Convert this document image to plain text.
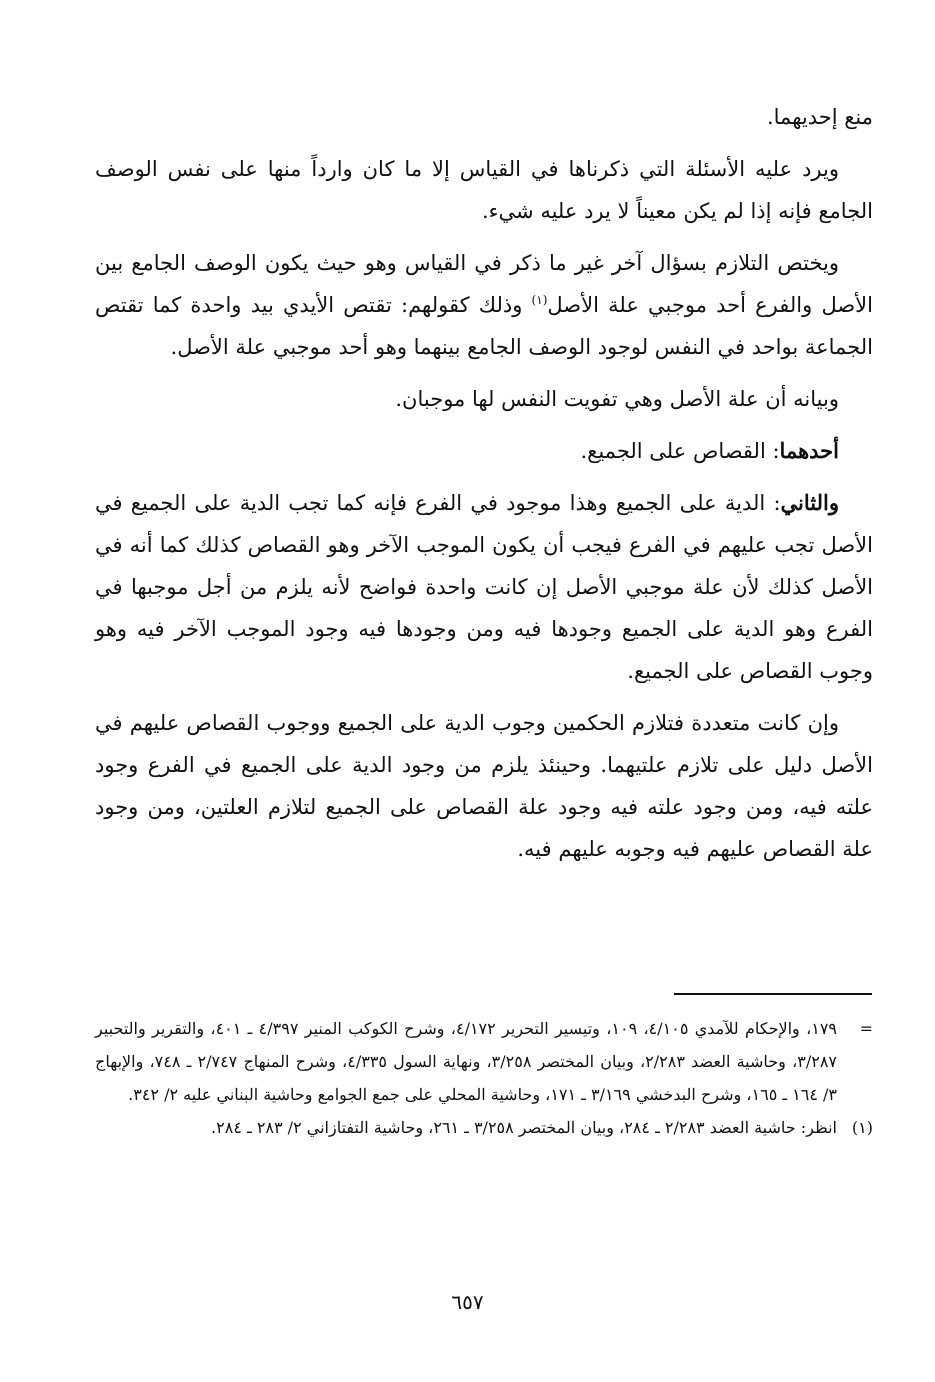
منع إحديهما.

ويرد عليه الأسئلة التي ذكرناها في القياس إلا ما كان وارداً منها على نفس الوصف الجامع فإنه إذا لم يكن معيناً لا يرد عليه شيء.

ويختص التلازم بسؤال آخر غير ما ذكر في القياس وهو حيث يكون الوصف الجامع بين الأصل والفرع أحد موجبي علة الأصل$^{(١)}$ وذلك كقولهم: تقتص الأيدي بيد واحدة كما تقتص الجماعة بواحد في النفس لوجود الوصف الجامع بينهما وهو أحد موجبي علة الأصل.

وبيانه أن علة الأصل وهي تفويت النفس لها موجبان.

أحدهما: القصاص على الجميع.

والثاني: الدية على الجميع وهذا موجود في الفرع فإنه كما تجب الدية على الجميع في الأصل تجب عليهم في الفرع فيجب أن يكون الموجب الآخر وهو القصاص كذلك كما أنه في الأصل كذلك لأن علة موجبي الأصل إن كانت واحدة فواضح لأنه يلزم من أجل موجبها في الفرع وهو الدية على الجميع وجودها فيه ومن وجودها فيه وجود الموجب الآخر فيه وهو وجوب القصاص على الجميع.

وإن كانت متعددة فتلازم الحكمين وجوب الدية على الجميع ووجوب القصاص عليهم في الأصل دليل على تلازم علتيهما. وحينئذ يلزم من وجود الدية على الجميع في الفرع وجود علته فيه، ومن وجود علته فيه وجود علة القصاص على الجميع لتلازم العلتين، ومن وجود علة القصاص عليهم فيه وجوبه عليهم فيه.

=
١٧٩، والإحكام للآمدي ٤/١٠٥، ١٠٩، وتيسير التحرير ٤/١٧٢، وشرح الكوكب المنير ٤/٣٩٧ ـ ٤٠١، والتقرير والتحبير ٣/٢٨٧، وحاشية العضد ٢/٢٨٣، وبيان المختصر ٣/٢٥٨، ونهاية السول ٤/٣٣٥، وشرح المنهاج ٢/٧٤٧ ـ ٧٤٨، والإبهاج ٣/ ١٦٤ ـ ١٦٥، وشرح البدخشي ٣/١٦٩ ـ ١٧١، وحاشية المحلي على جمع الجوامع وحاشية البناني عليه ٢/ ٣٤٢.
(١)
انظر: حاشية العضد ٢/٢٨٣ ـ ٢٨٤، وبيان المختصر ٣/٢٥٨ ـ ٢٦١، وحاشية التفتازاني ٢/ ٢٨٣ ـ ٢٨٤.
٦٥٧
